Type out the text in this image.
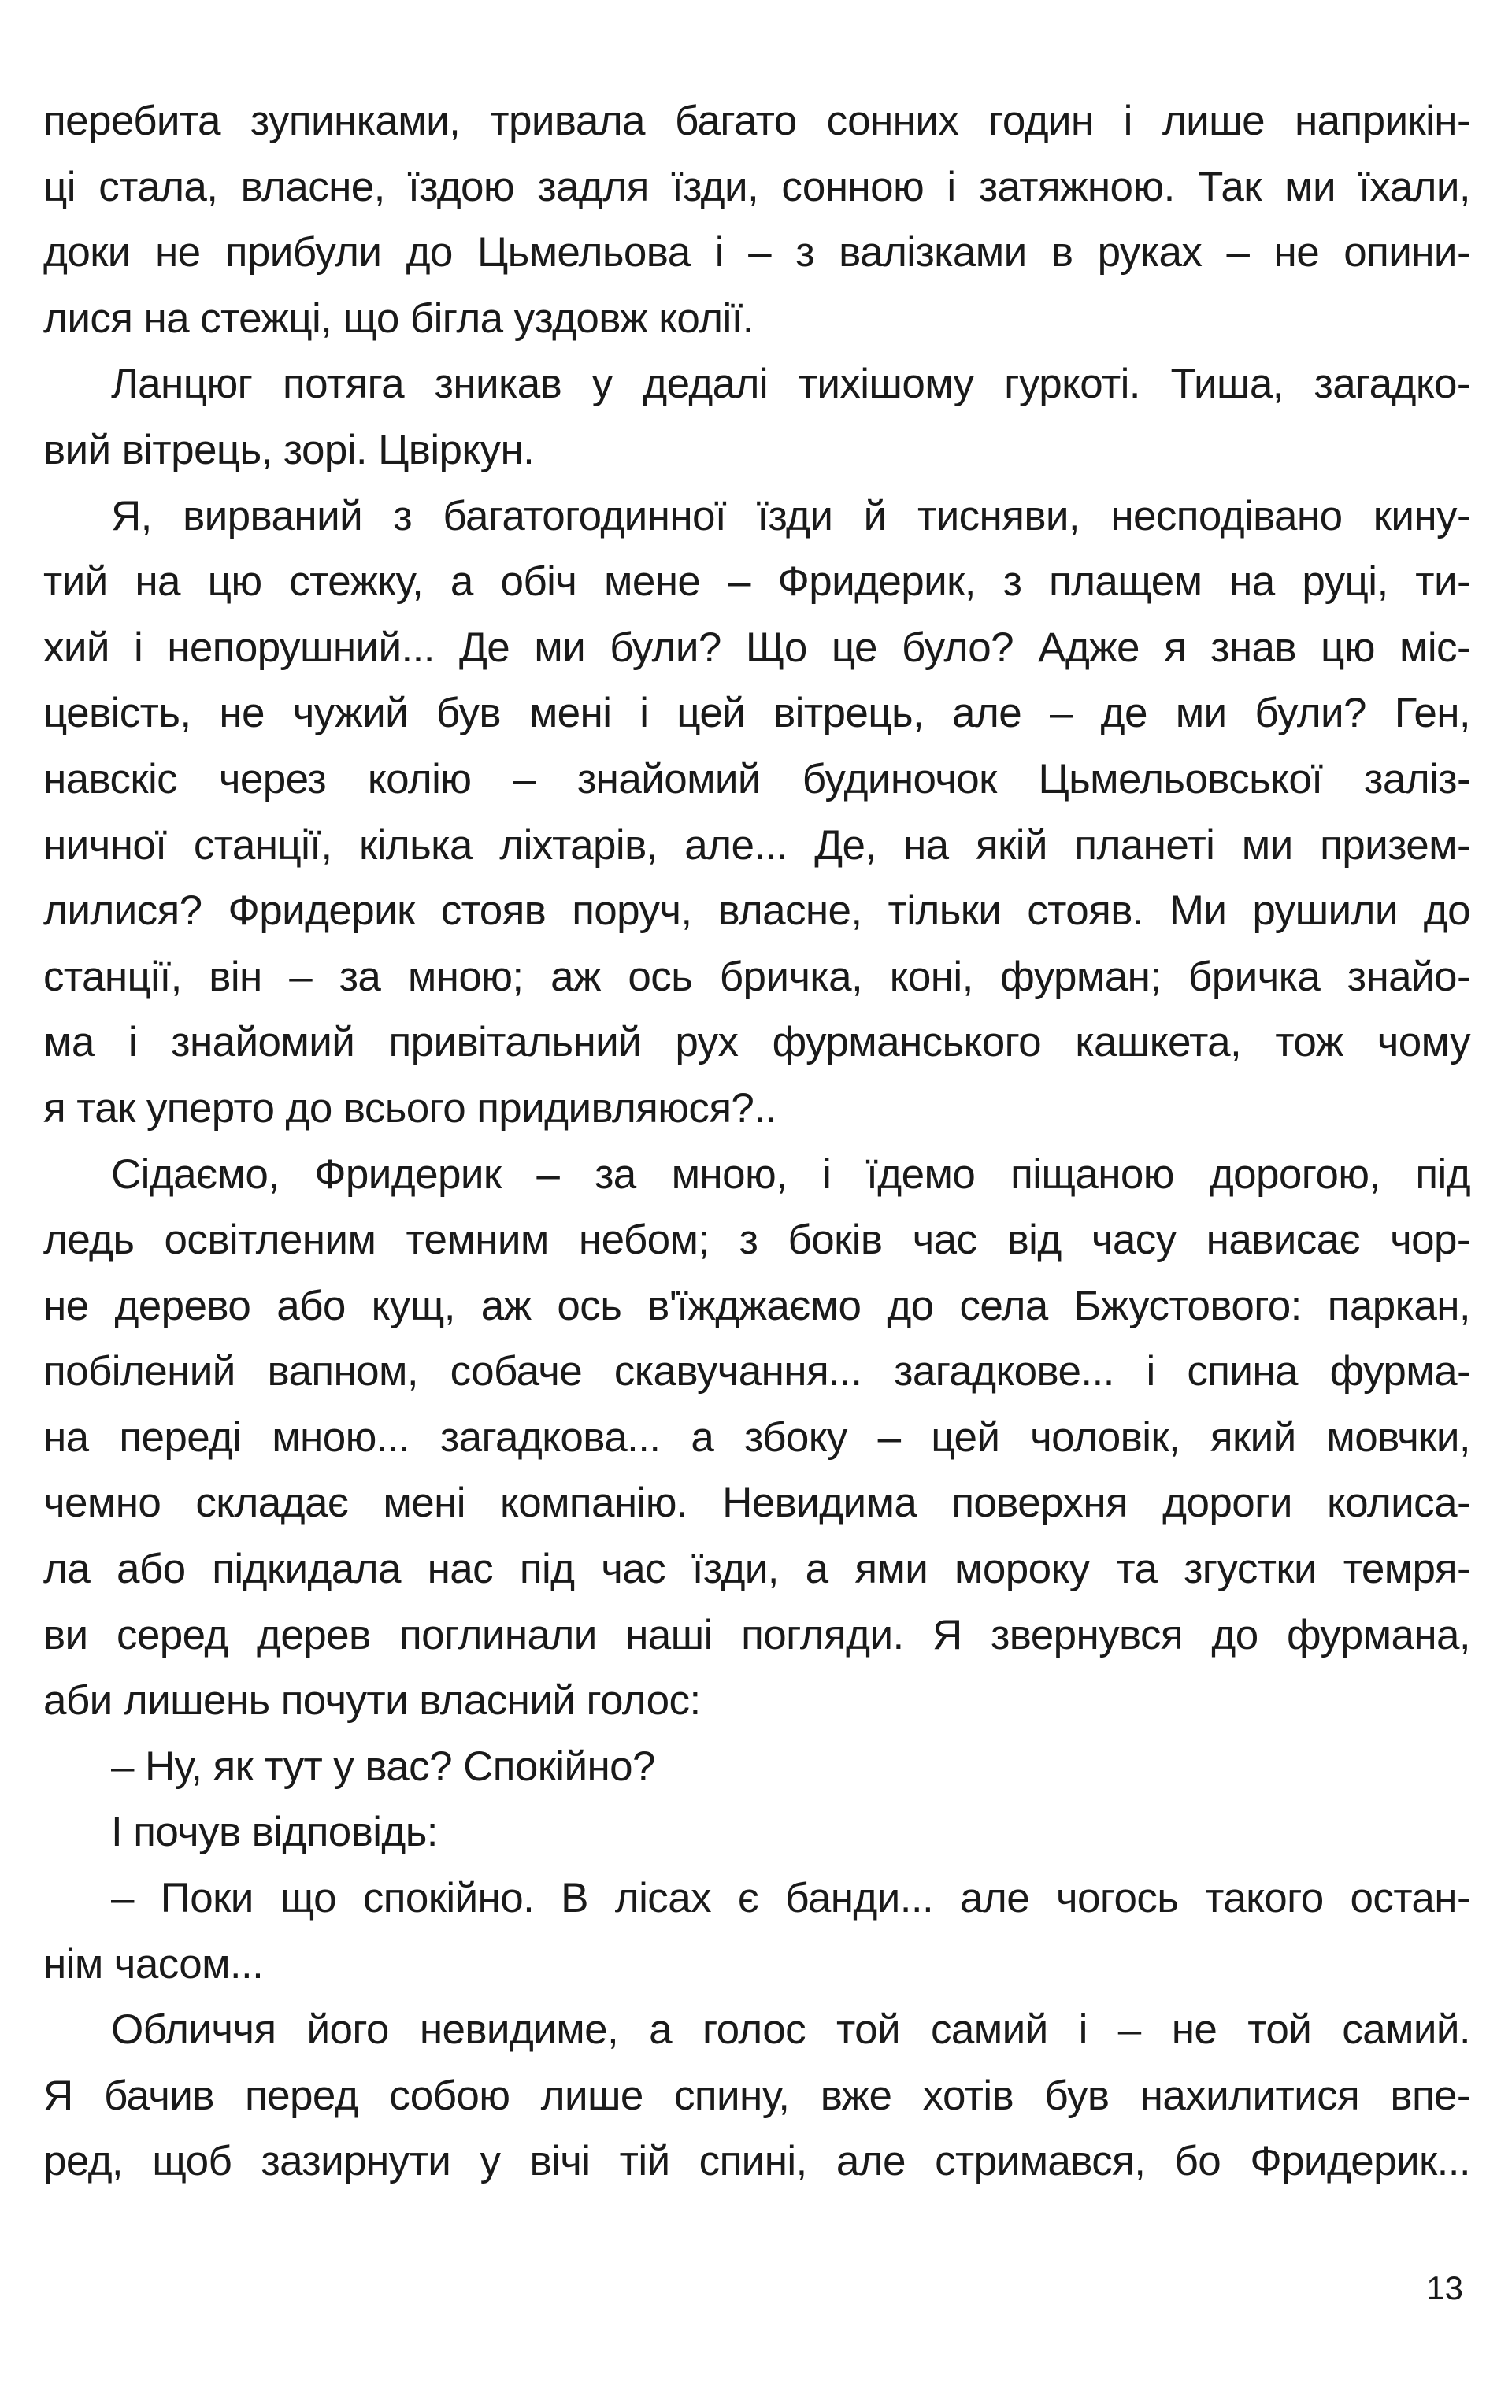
перебита зупинками, тривала багато сонних годин і лише наприкін-
ці стала, власне, їздою задля їзди, сонною і затяжною. Так ми їхали,
доки не прибули до Цьмельова і – з валізками в руках – не опини-
лися на стежці, що бігла уздовж колії.
Ланцюг потяга зникав у дедалі тихішому гуркоті. Тиша, загадко-
вий вітрець, зорі. Цвіркун.
Я, вирваний з багатогодинної їзди й тисняви, несподівано кину-
тий на цю стежку, а обіч мене – Фридерик, з плащем на руці, ти-
хий і непорушний... Де ми були? Що це було? Адже я знав цю міс-
цевість, не чужий був мені і цей вітрець, але – де ми були? Ген,
навскіс через колію – знайомий будиночок Цьмельовської заліз-
ничної станції, кілька ліхтарів, але... Де, на якій планеті ми призем-
лилися? Фридерик стояв поруч, власне, тільки стояв. Ми рушили до
станції, він – за мною; аж ось бричка, коні, фурман; бричка знайо-
ма і знайомий привітальний рух фурманського кашкета, тож чому
я так уперто до всього придивляюся?..
Сідаємо, Фридерик – за мною, і їдемо піщаною дорогою, під
ледь освітленим темним небом; з боків час від часу нависає чор-
не дерево або кущ, аж ось в'їжджаємо до села Бжустового: паркан,
побілений вапном, собаче скавучання... загадкове... і спина фурма-
на переді мною... загадкова... а збоку – цей чоловік, який мовчки,
чемно складає мені компанію. Невидима поверхня дороги колиса-
ла або підкидала нас під час їзди, а ями мороку та згустки темря-
ви серед дерев поглинали наші погляди. Я звернувся до фурмана,
аби лишень почути власний голос:
– Ну, як тут у вас? Спокійно?
І почув відповідь:
– Поки що спокійно. В лісах є банди... але чогось такого остан-
нім часом...
Обличчя його невидиме, а голос той самий і – не той самий.
Я бачив перед собою лише спину, вже хотів був нахилитися впе-
ред, щоб зазирнути у вічі тій спині, але стримався, бо Фридерик...
13
